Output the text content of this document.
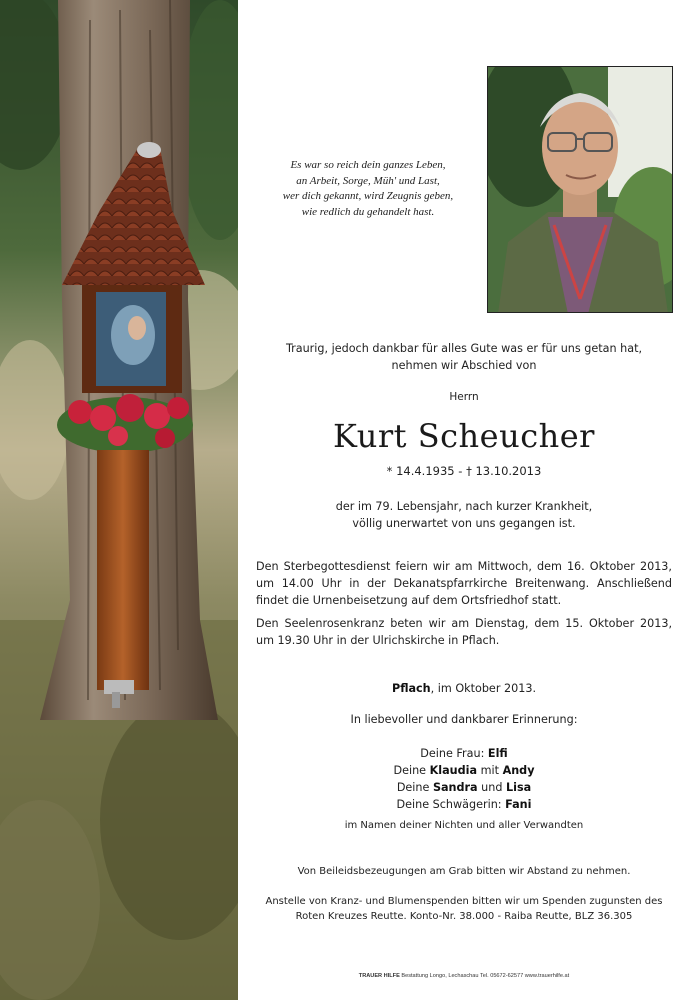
Es war so reich dein ganzes Leben,
an Arbeit, Sorge, Müh' und Last,
wer dich gekannt, wird Zeugnis geben,
wie redlich du gehandelt hast.
Traurig, jedoch dankbar für alles Gute was er für uns getan hat,
nehmen wir Abschied von
Herrn
Kurt Scheucher
* 14.4.1935 - † 13.10.2013
der im 79. Lebensjahr, nach kurzer Krankheit,
völlig unerwartet von uns gegangen ist.
Den Sterbegottesdienst feiern wir am Mittwoch, dem 16. Oktober 2013, um 14.00 Uhr in der Dekanatspfarrkirche Breitenwang. Anschließend findet die Urnenbeisetzung auf dem Ortsfriedhof statt.
Den Seelenrosenkranz beten wir am Dienstag, dem 15. Oktober 2013, um 19.30 Uhr in der Ulrichskirche in Pflach.
Pflach, im Oktober 2013.
In liebevoller und dankbarer Erinnerung:
Deine Frau: Elfi
Deine Klaudia mit Andy
Deine Sandra und Lisa
Deine Schwägerin: Fani
im Namen deiner Nichten und aller Verwandten
Von Beileidsbezeugungen am Grab bitten wir Abstand zu nehmen.
Anstelle von Kranz- und Blumenspenden bitten wir um Spenden zugunsten des
Roten Kreuzes Reutte. Konto-Nr. 38.000 - Raiba Reutte, BLZ 36.305
TRAUER HILFE Bestattung Longo, Lechaschau Tel. 05672-62577 www.trauerhilfe.at
